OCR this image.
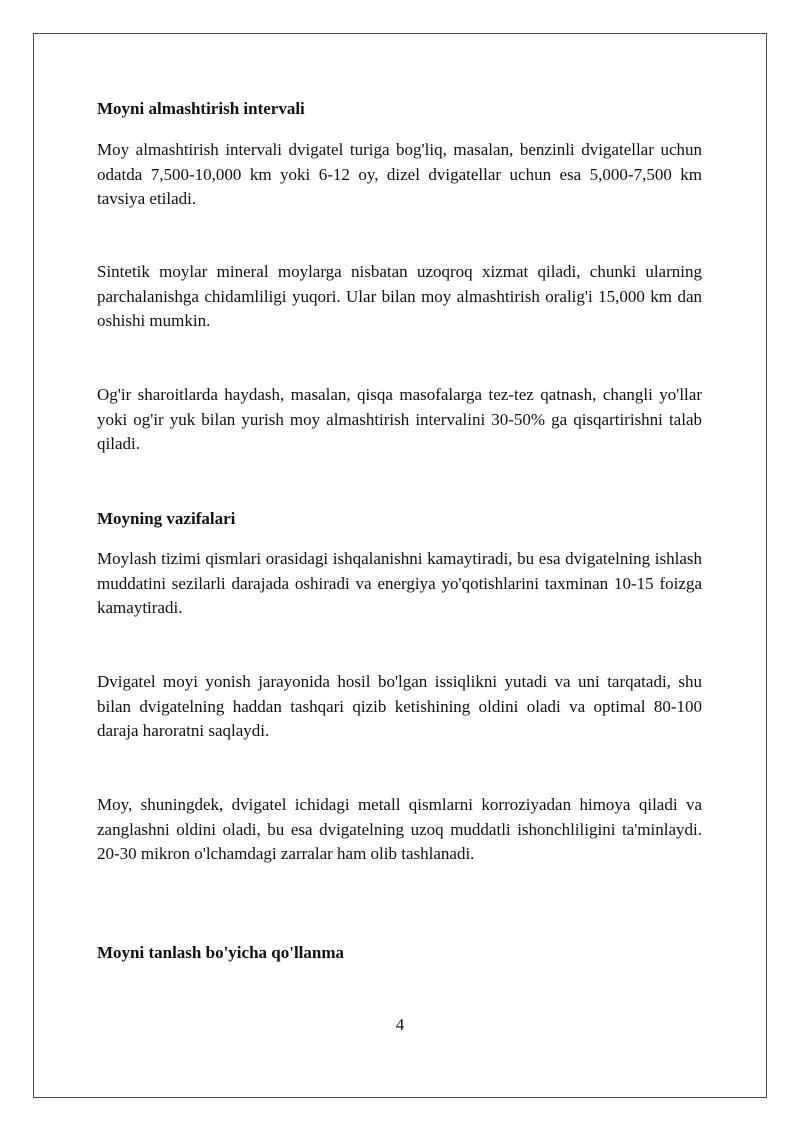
Moyni almashtirish intervali

Moy almashtirish intervali dvigatel turiga bog'liq, masalan, benzinli dvigatellar uchun odatda 7,500-10,000 km yoki 6-12 oy, dizel dvigatellar uchun esa 5,000-7,500 km tavsiya etiladi.

Sintetik moylar mineral moylarga nisbatan uzoqroq xizmat qiladi, chunki ularning parchalanishga chidamliligi yuqori. Ular bilan moy almashtirish oralig'i 15,000 km dan oshishi mumkin.

Og'ir sharoitlarda haydash, masalan, qisqa masofalarga tez-tez qatnash, changli yo'llar yoki og'ir yuk bilan yurish moy almashtirish intervalini 30-50% ga qisqartirishni talab qiladi.

Moyning vazifalari

Moylash tizimi qismlari orasidagi ishqalanishni kamaytiradi, bu esa dvigatelning ishlash muddatini sezilarli darajada oshiradi va energiya yo'qotishlarini taxminan 10-15 foizga kamaytiradi.

Dvigatel moyi yonish jarayonida hosil bo'lgan issiqlikni yutadi va uni tarqatadi, shu bilan dvigatelning haddan tashqari qizib ketishining oldini oladi va optimal 80-100 daraja haroratni saqlaydi.

Moy, shuningdek, dvigatel ichidagi metall qismlarni korroziyadan himoya qiladi va zanglashni oldini oladi, bu esa dvigatelning uzoq muddatli ishonchliligini ta'minlaydi. 20-30 mikron o'lchamdagi zarralar ham olib tashlanadi.

Moyni tanlash bo'yicha qo'llanma
4
